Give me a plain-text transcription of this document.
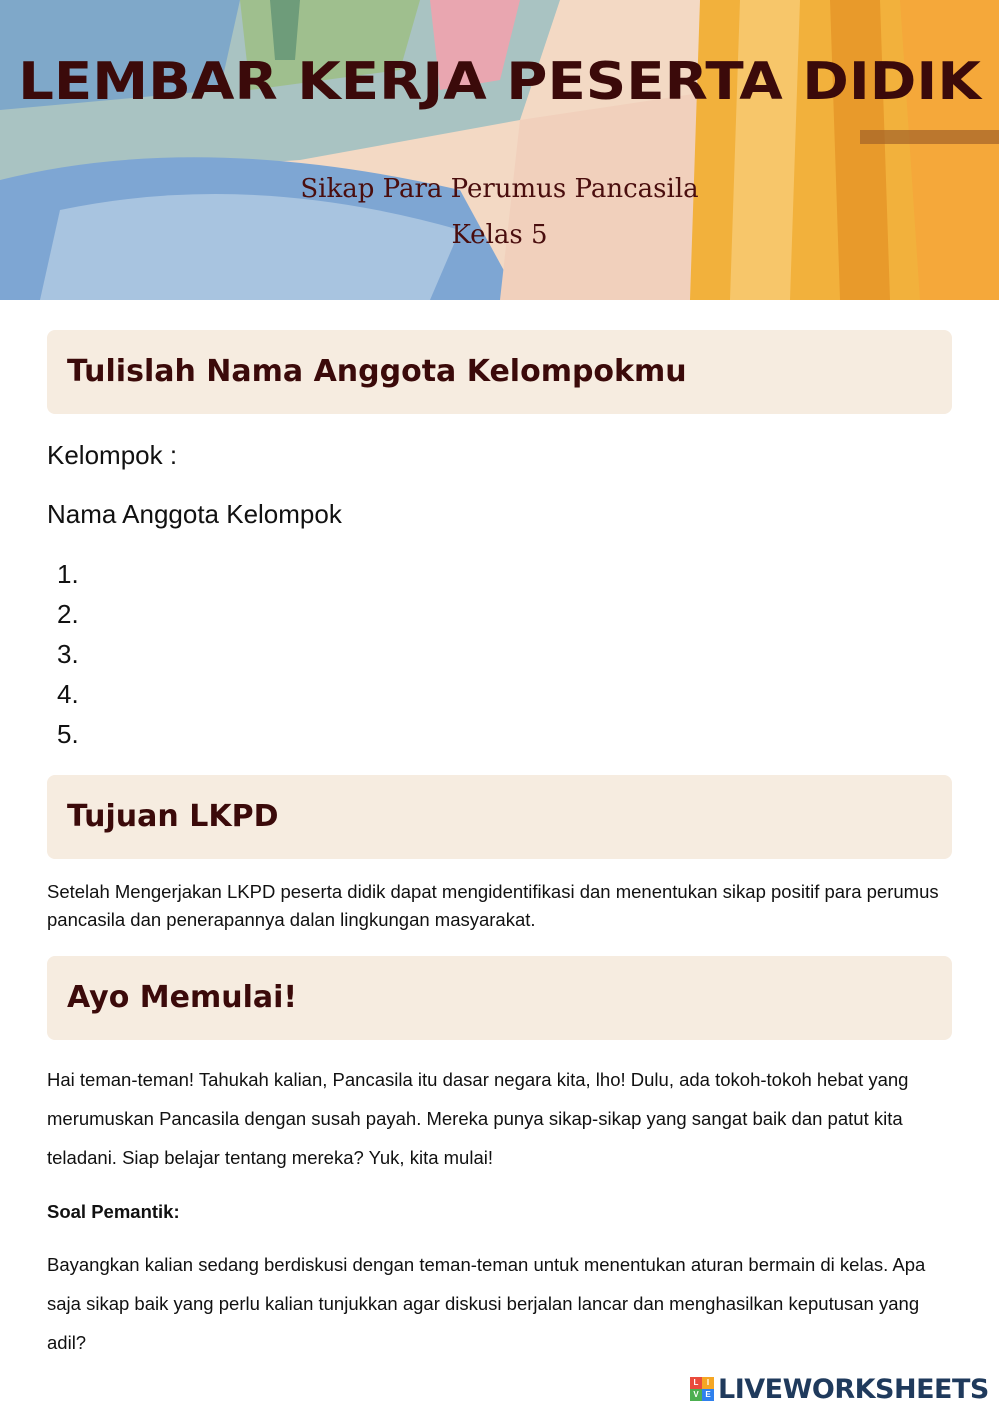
LEMBAR KERJA PESERTA DIDIK
Sikap Para Perumus Pancasila
Kelas 5
Tulislah Nama Anggota Kelompokmu
Kelompok :
Nama Anggota Kelompok
1.
2.
3.
4.
5.
Tujuan LKPD
Setelah Mengerjakan LKPD peserta didik dapat mengidentifikasi dan menentukan sikap positif para perumus pancasila dan penerapannya dalan lingkungan masyarakat.
Ayo Memulai!
Hai teman-teman! Tahukah kalian, Pancasila itu dasar negara kita, lho! Dulu, ada tokoh-tokoh hebat yang merumuskan Pancasila dengan susah payah. Mereka punya sikap-sikap yang sangat baik dan patut kita teladani. Siap belajar tentang mereka? Yuk, kita mulai!
Soal Pemantik:
Bayangkan kalian sedang berdiskusi dengan teman-teman untuk menentukan aturan bermain di kelas. Apa saja sikap baik yang perlu kalian tunjukkan agar diskusi berjalan lancar dan menghasilkan keputusan yang adil?
L	I
V E LIVEWORKSHEETS
